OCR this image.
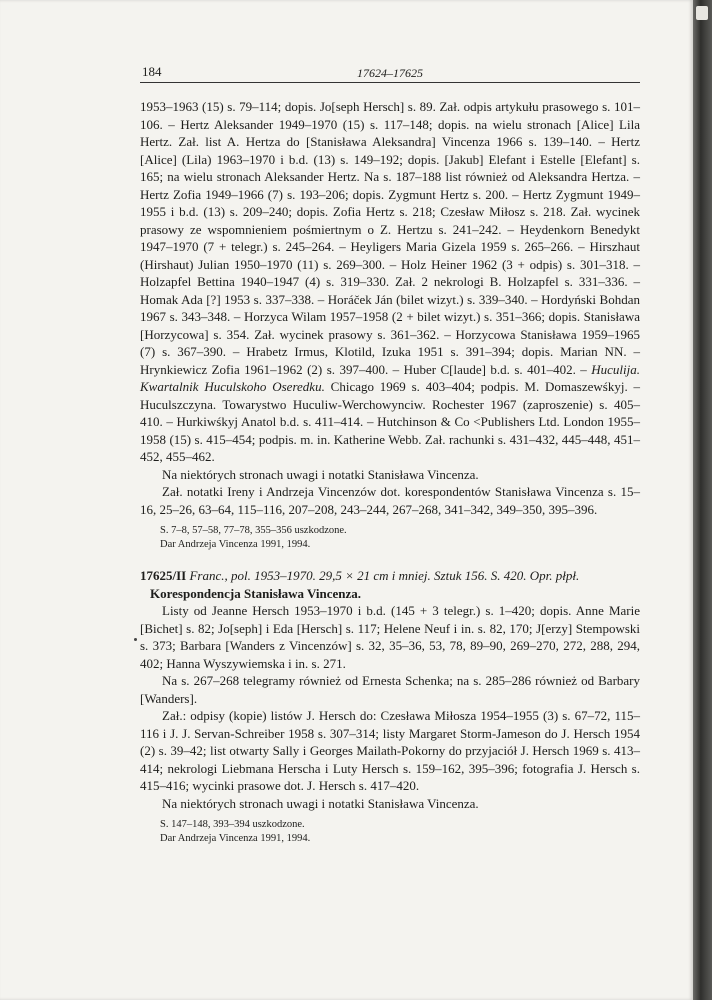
184	17624–17625

1953–1963 (15) s. 79–114; dopis. Jo[seph Hersch] s. 89. Zał. odpis artykułu prasowego s. 101–106. – Hertz Aleksander 1949–1970 (15) s. 117–148; dopis. na wielu stronach [Alice] Lila Hertz. Zał. list A. Hertza do [Stanisława Aleksandra] Vincenza 1966 s. 139–140. – Hertz [Alice] (Lila) 1963–1970 i b.d. (13) s. 149–192; dopis. [Jakub] Elefant i Estelle [Elefant] s. 165; na wielu stronach Aleksander Hertz. Na s. 187–188 list również od Aleksandra Hertza. – Hertz Zofia 1949–1966 (7) s. 193–206; dopis. Zygmunt Hertz s. 200. – Hertz Zygmunt 1949–1955 i b.d. (13) s. 209–240; dopis. Zofia Hertz s. 218; Czesław Miłosz s. 218. Zał. wycinek prasowy ze wspomnieniem pośmiertnym o Z. Hertzu s. 241–242. – Heydenkorn Benedykt 1947–1970 (7 + telegr.) s. 245–264. – Heyligers Maria Gizela 1959 s. 265–266. – Hirszhaut (Hirshaut) Julian 1950–1970 (11) s. 269–300. – Holz Heiner 1962 (3 + odpis) s. 301–318. – Holzapfel Bettina 1940–1947 (4) s. 319–330. Zał. 2 nekrologi B. Holzapfel s. 331–336. – Homak Ada [?] 1953 s. 337–338. – Horáček Ján (bilet wizyt.) s. 339–340. – Hordyński Bohdan 1967 s. 343–348. – Horzyca Wilam 1957–1958 (2 + bilet wizyt.) s. 351–366; dopis. Stanisława [Horzycowa] s. 354. Zał. wycinek prasowy s. 361–362. – Horzycowa Stanisława 1959–1965 (7) s. 367–390. – Hrabetz Irmus, Klotild, Izuka 1951 s. 391–394; dopis. Marian NN. – Hrynkiewicz Zofia 1961–1962 (2) s. 397–400. – Huber C[laude] b.d. s. 401–402. – Huculija. Kwartalnik Huculskoho Oseredku. Chicago 1969 s. 403–404; podpis. M. Domaszewśkyj. – Huculszczyna. Towarystwo Huculiw-Werchowynciw. Rochester 1967 (zaproszenie) s. 405–410. – Hurkiwśkyj Anatol b.d. s. 411–414. – Hutchinson & Co <Publishers Ltd. London 1955–1958 (15) s. 415–454; podpis. m. in. Katherine Webb. Zał. rachunki s. 431–432, 445–448, 451–452, 455–462.

Na niektórych stronach uwagi i notatki Stanisława Vincenza.

Zał. notatki Ireny i Andrzeja Vincenzów dot. korespondentów Stanisława Vincenza s. 15–16, 25–26, 63–64, 115–116, 207–208, 243–244, 267–268, 341–342, 349–350, 395–396.

S. 7–8, 57–58, 77–78, 355–356 uszkodzone.

Dar Andrzeja Vincenza 1991, 1994.

17625/II Franc., pol. 1953–1970. 29,5 × 21 cm i mniej. Sztuk 156. S. 420. Opr. płpł.

Korespondencja Stanisława Vincenza.

Listy od Jeanne Hersch 1953–1970 i b.d. (145 + 3 telegr.) s. 1–420; dopis. Anne Marie [Bichet] s. 82; Jo[seph] i Eda [Hersch] s. 117; Helene Neuf i in. s. 82, 170; J[erzy] Stempowski s. 373; Barbara [Wanders z Vincenzów] s. 32, 35–36, 53, 78, 89–90, 269–270, 272, 288, 294, 402; Hanna Wyszywiemska i in. s. 271.

Na s. 267–268 telegramy również od Ernesta Schenka; na s. 285–286 również od Barbary [Wanders].

Zał.: odpisy (kopie) listów J. Hersch do: Czesława Miłosza 1954–1955 (3) s. 67–72, 115–116 i J. J. Servan-Schreiber 1958 s. 307–314; listy Margaret Storm-Jameson do J. Hersch 1954 (2) s. 39–42; list otwarty Sally i Georges Mailath-Pokorny do przyjaciół J. Hersch 1969 s. 413–414; nekrologi Liebmana Herscha i Luty Hersch s. 159–162, 395–396; fotografia J. Hersch s. 415–416; wycinki prasowe dot. J. Hersch s. 417–420.

Na niektórych stronach uwagi i notatki Stanisława Vincenza.

S. 147–148, 393–394 uszkodzone.

Dar Andrzeja Vincenza 1991, 1994.
